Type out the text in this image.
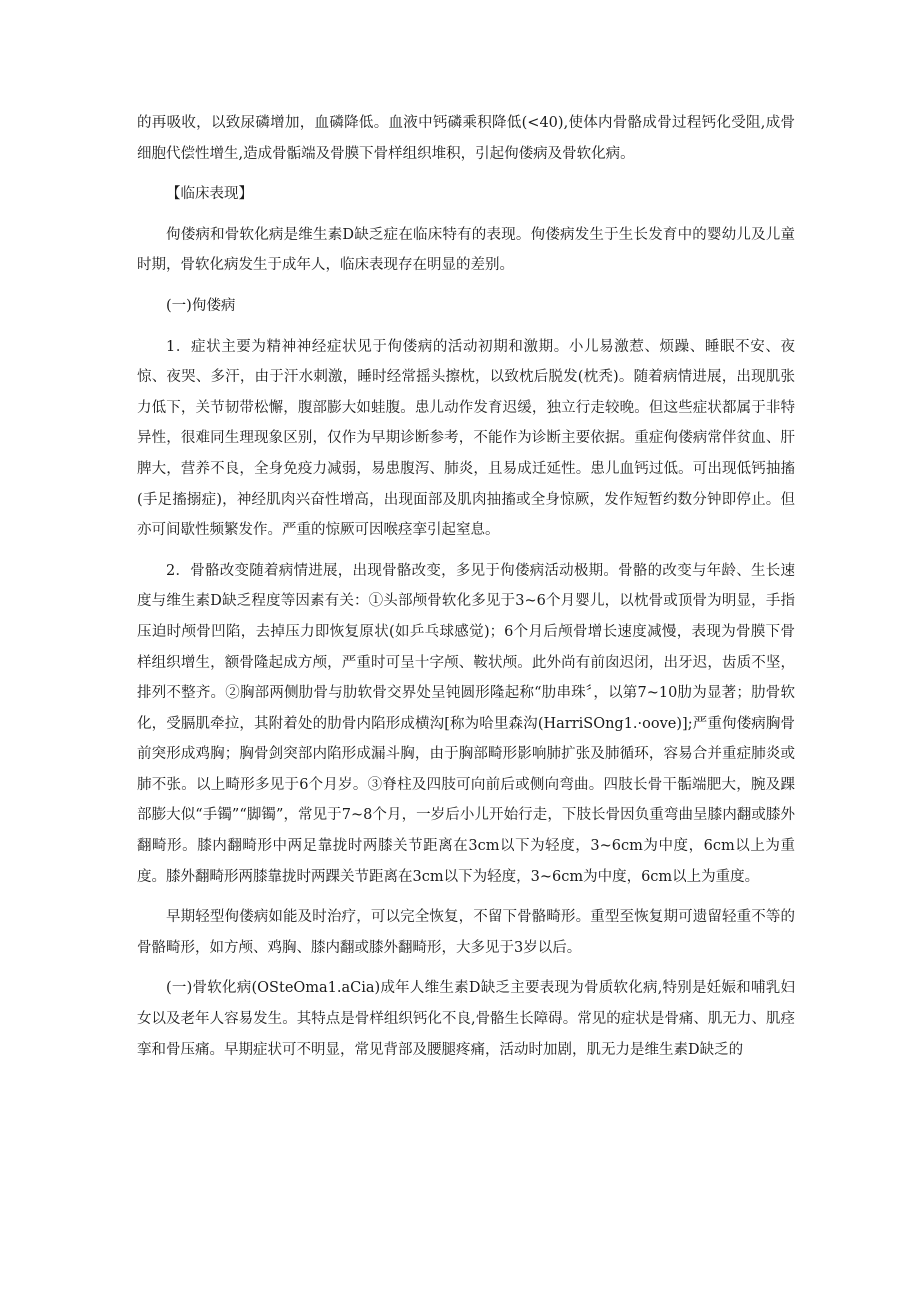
的再吸收，以致尿磷增加，血磷降低。血液中钙磷乘积降低(<40),使体内骨骼成骨过程钙化受阻,成骨细胞代偿性增生,造成骨骺端及骨膜下骨样组织堆积，引起佝偻病及骨软化病。

【临床表现】

佝偻病和骨软化病是维生素D缺乏症在临床特有的表现。佝偻病发生于生长发育中的婴幼儿及儿童时期，骨软化病发生于成年人，临床表现存在明显的差别。

(一)佝偻病

1．症状主要为精神神经症状见于佝偻病的活动初期和激期。小儿易激惹、烦躁、睡眠不安、夜惊、夜哭、多汗，由于汗水刺激，睡时经常摇头擦枕，以致枕后脱发(枕秃)。随着病情进展，出现肌张力低下，关节韧带松懈，腹部膨大如蛙腹。患儿动作发育迟缓，独立行走较晚。但这些症状都属于非特异性，很难同生理现象区别，仅作为早期诊断参考，不能作为诊断主要依据。重症佝偻病常伴贫血、肝脾大，营养不良，全身免疫力减弱，易患腹泻、肺炎，且易成迁延性。患儿血钙过低。可出现低钙抽搐(手足搐搦症)，神经肌肉兴奋性增高，出现面部及肌肉抽搐或全身惊厥，发作短暂约数分钟即停止。但亦可间歇性频繁发作。严重的惊厥可因喉痉挛引起窒息。

2．骨骼改变随着病情进展，出现骨骼改变，多见于佝偻病活动极期。骨骼的改变与年龄、生长速度与维生素D缺乏程度等因素有关：①头部颅骨软化多见于3~6个月婴儿，以枕骨或顶骨为明显，手指压迫时颅骨凹陷，去掉压力即恢复原状(如乒乓球感觉)；6个月后颅骨增长速度减慢，表现为骨膜下骨样组织增生，额骨隆起成方颅，严重时可呈十字颅、鞍状颅。此外尚有前囱迟闭，出牙迟，齿质不坚，排列不整齐。②胸部两侧肋骨与肋软骨交界处呈钝圆形隆起称“肋串珠〞，以第7~10肋为显著；肋骨软化，受膈肌牵拉，其附着处的肋骨内陷形成横沟[称为哈里森沟(HarriSOng1.·oove)];严重佝偻病胸骨前突形成鸡胸；胸骨剑突部内陷形成漏斗胸，由于胸部畸形影响肺扩张及肺循环，容易合并重症肺炎或肺不张。以上畸形多见于6个月岁。③脊柱及四肢可向前后或侧向弯曲。四肢长骨干骺端肥大，腕及踝部膨大似“手镯”“脚镯”，常见于7~8个月，一岁后小儿开始行走，下肢长骨因负重弯曲呈膝内翻或膝外翻畸形。膝内翻畸形中两足靠拢时两膝关节距离在3cm以下为轻度，3~6cm为中度，6cm以上为重度。膝外翻畸形两膝靠拢时两踝关节距离在3cm以下为轻度，3~6cm为中度，6cm以上为重度。

早期轻型佝偻病如能及时治疗，可以完全恢复，不留下骨骼畸形。重型至恢复期可遗留轻重不等的骨骼畸形，如方颅、鸡胸、膝内翻或膝外翻畸形，大多见于3岁以后。

(一)骨软化病(OSteOma1.aCia)成年人维生素D缺乏主要表现为骨质软化病,特别是妊娠和哺乳妇女以及老年人容易发生。其特点是骨样组织钙化不良,骨骼生长障碍。常见的症状是骨痛、肌无力、肌痉挛和骨压痛。早期症状可不明显，常见背部及腰腿疼痛，活动时加剧，肌无力是维生素D缺乏的
